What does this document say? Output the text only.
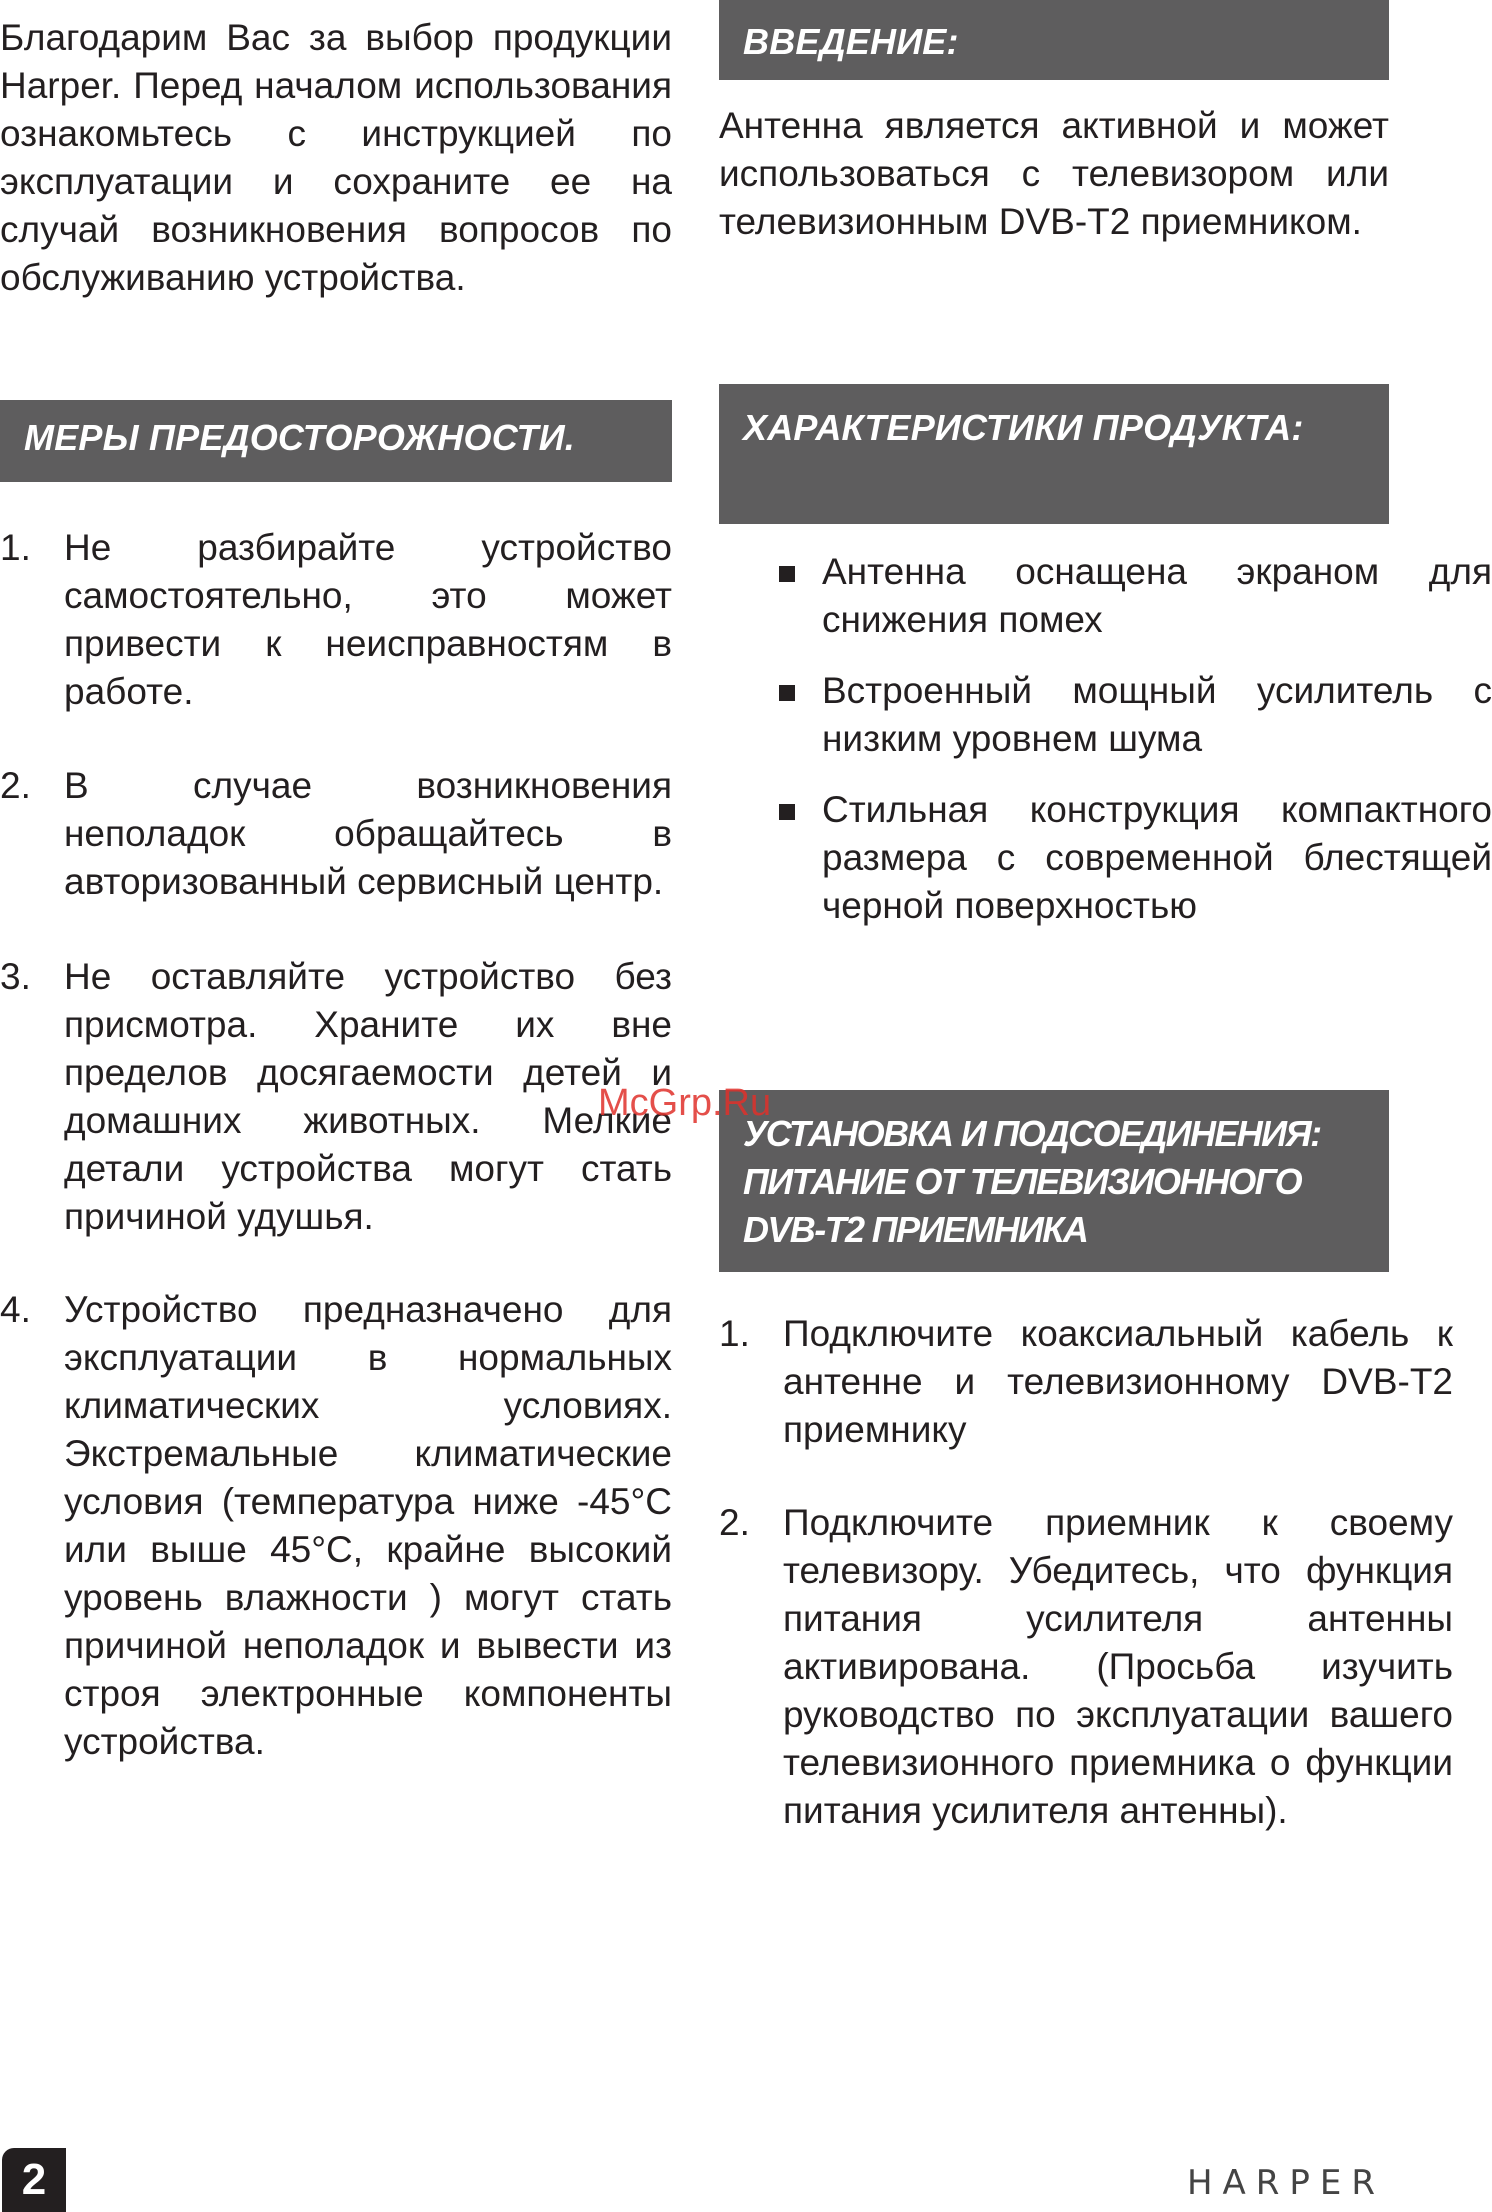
Благодарим Вас за выбор продукции Harper. Перед началом использования ознакомьтесь с инструкцией по эксплуатации и сохраните ее на случай возникновения вопросов по обслуживанию устройства.

МЕРЫ ПРЕДОСТОРОЖНОСТИ.
1. Не разбирайте устройство самостоятельно, это может привести к неисправностям в работе.
2. В случае возникновения неполадок обращайтесь в авторизованный сервисный центр.
3. Не оставляйте устройство без присмотра. Храните их вне пределов досягаемости детей и домашних животных. Мелкие детали устройства могут стать причиной удушья.
4. Устройство предназначено для эксплуатации в нормальных климатических условиях. Экстремальные климатические условия (температура ниже -45°C или выше 45°C, крайне высокий уровень влажности ) могут стать причиной неполадок и вывести из строя электронные компоненты устройства.
ВВЕДЕНИЕ:

Антенна является активной и может использоваться с телевизором или телевизионным DVB-T2 приемником.

ХАРАКТЕРИСТИКИ ПРОДУКТА:
Антенна оснащена экраном для снижения помех
Встроенный мощный усилитель с низким уровнем шума
Стильная конструкция компактного размера с современной блестящей черной поверхностью
УСТАНОВКА И ПОДСОЕДИНЕНИЯ: ПИТАНИЕ ОТ ТЕЛЕВИЗИОННОГО DVB-T2 ПРИЕМНИКА
1. Подключите коаксиальный кабель к антенне и телевизионному DVB-T2 приемнику
2. Подключите приемник к своему телевизору. Убедитесь, что функция питания усилителя антенны активирована. (Просьба изучить руководство по эксплуатации вашего телевизионного приемника о функции питания усилителя антенны).
McGrp.Ru
2	HARPER
